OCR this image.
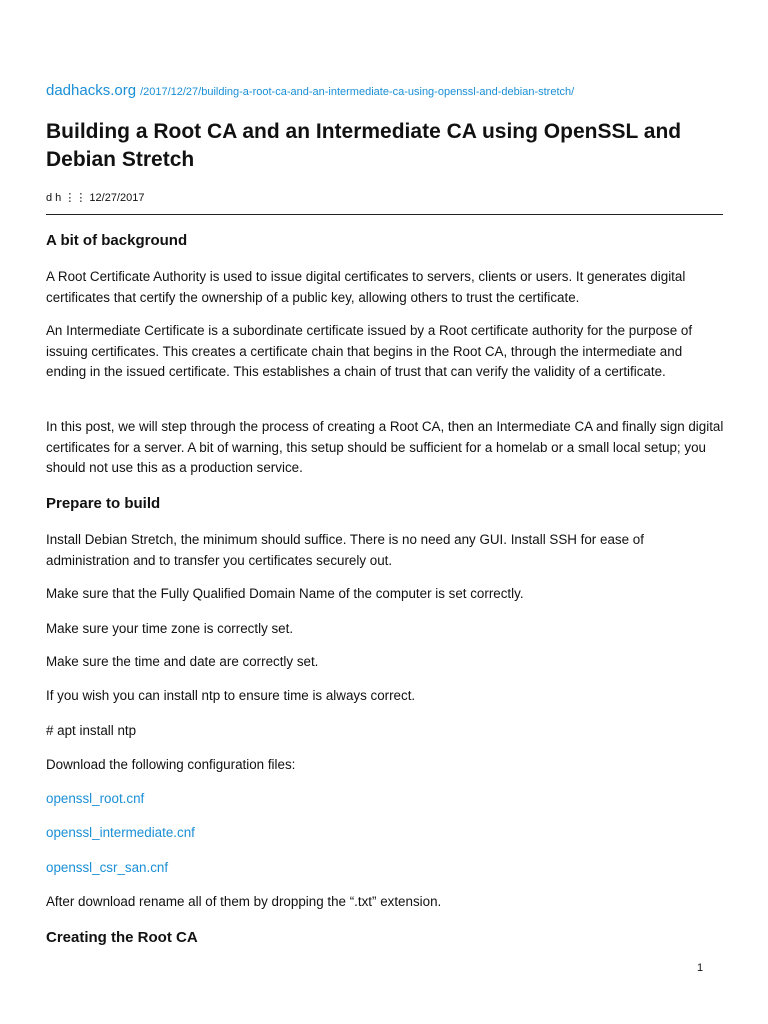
dadhacks.org /2017/12/27/building-a-root-ca-and-an-intermediate-ca-using-openssl-and-debian-stretch/
Building a Root CA and an Intermediate CA using OpenSSL and Debian Stretch
d h ⋮⋮ 12/27/2017
A bit of background

A Root Certificate Authority is used to issue digital certificates to servers, clients or users. It generates digital certificates that certify the ownership of a public key, allowing others to trust the certificate.

An Intermediate Certificate is a subordinate certificate issued by a Root certificate authority for the purpose of issuing certificates. This creates a certificate chain that begins in the Root CA, through the intermediate and ending in the issued certificate. This establishes a chain of trust that can verify the validity of a certificate.

In this post, we will step through the process of creating a Root CA, then an Intermediate CA and finally sign digital certificates for a server. A bit of warning, this setup should be sufficient for a homelab or a small local setup; you should not use this as a production service.

Prepare to build

Install Debian Stretch, the minimum should suffice. There is no need any GUI. Install SSH for ease of administration and to transfer you certificates securely out.

Make sure that the Fully Qualified Domain Name of the computer is set correctly.
Make sure your time zone is correctly set.
Make sure the time and date are correctly set.
If you wish you can install ntp to ensure time is always correct.
# apt install ntp
Download the following configuration files:
openssl_root.cnf
openssl_intermediate.cnf
openssl_csr_san.cnf
After download rename all of them by dropping the “.txt” extension.
Creating the Root CA
1
